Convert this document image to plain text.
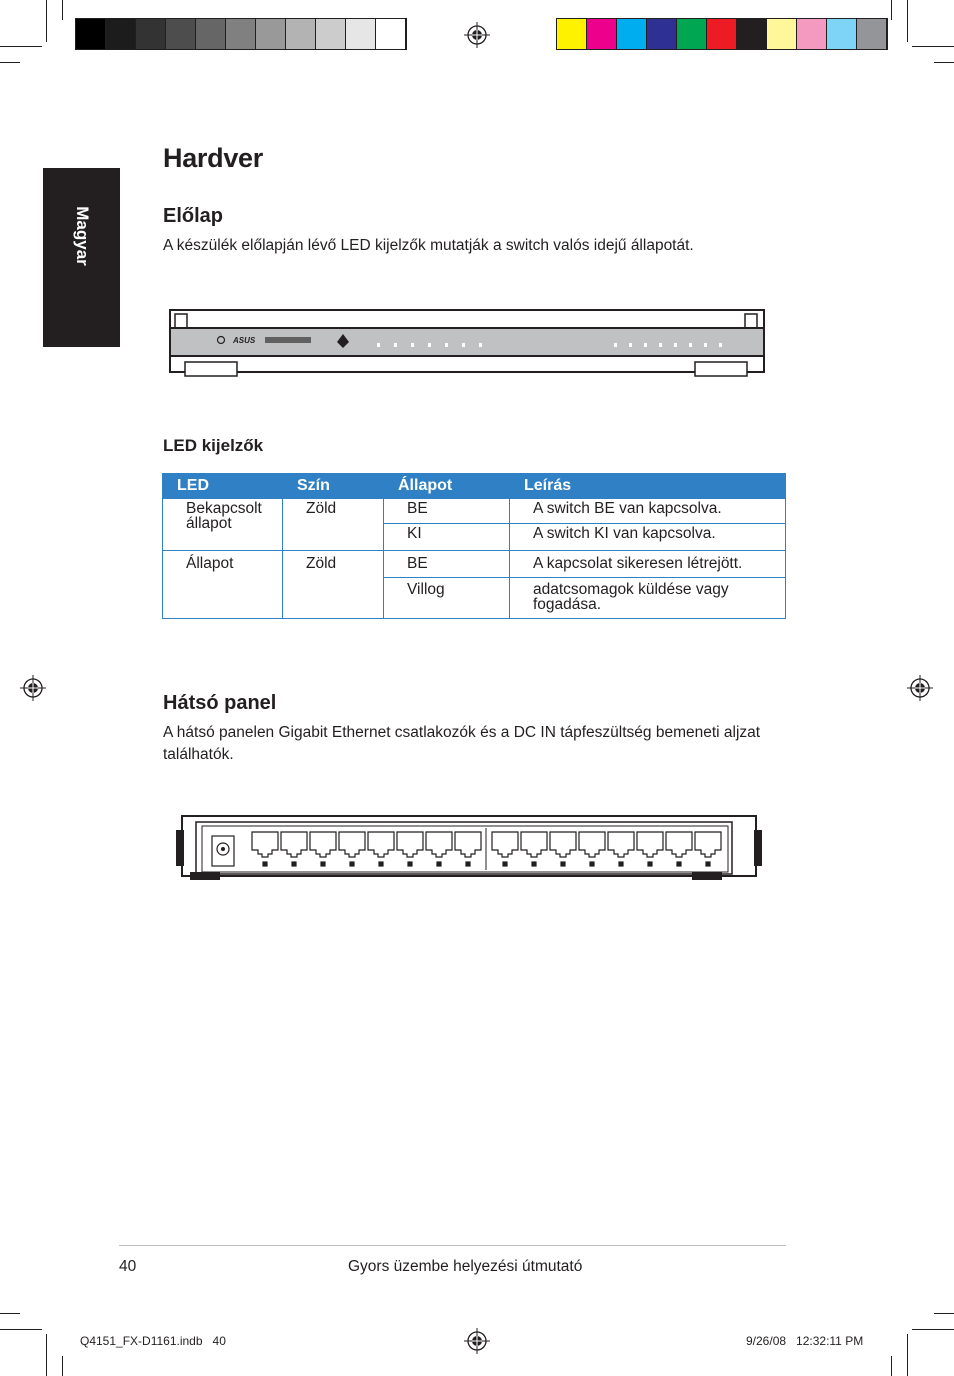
Magyar
Hardver
Előlap
A készülék előlapján lévő LED kijelzők mutatják a switch valós idejű állapotát.
ASUS
LED kijelzők
LED	Szín	Állapot	Leírás
Bekapcsolt állapot	Zöld	BE	A switch BE van kapcsolva.
		KI	A switch KI van kapcsolva.
Állapot	Zöld	BE	A kapcsolat sikeresen létrejött.
		Villog	adatcsomagok küldése vagy fogadása.
Hátsó panel
A hátsó panelen Gigabit Ethernet csatlakozók és a DC IN tápfeszültség bemeneti aljzat találhatók.
40	Gyors üzembe helyezési útmutató
Q4151_FX-D1161.indb   40	9/26/08   12:32:11 PM
